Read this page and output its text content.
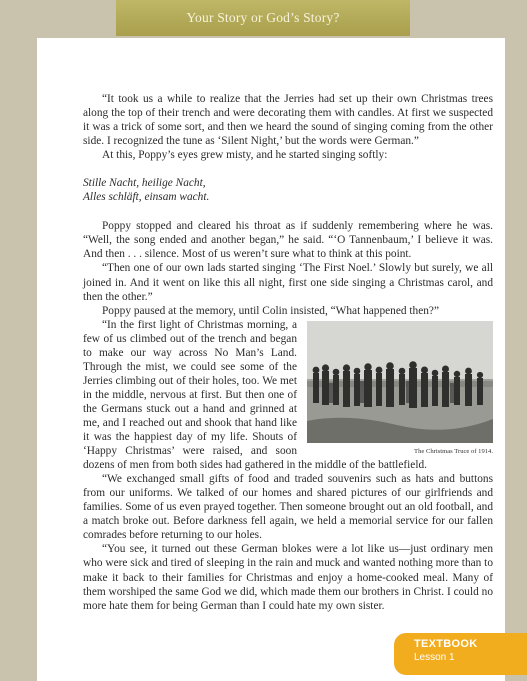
Your Story or God’s Story?

“It took us a while to realize that the Jerries had set up their own Christmas trees along the top of their trench and were decorating them with candles. At first we suspected it was a trick of some sort, and then we heard the sound of singing coming from the other side. I recognized the tune as ‘Silent Night,’ but the words were German.”

At this, Poppy’s eyes grew misty, and he started singing softly:

Stille Nacht, heilige Nacht,
Alles schläft, einsam wacht.

Poppy stopped and cleared his throat as if suddenly remembering where he was. “Well, the song ended and another began,” he said. “‘O Tannenbaum,’ I believe it was. And then . . . silence. Most of us weren’t sure what to think at this point.

“Then one of our own lads started singing ‘The First Noel.’ Slowly but surely, we all joined in. And it went on like this all night, first one side singing a Christmas carol, and then the other.”

Poppy paused at the memory, until Colin insisted, “What happened then?”

The Christmas Truce of 1914.

“In the first light of Christmas morning, a few of us climbed out of the trench and began to make our way across No Man’s Land. Through the mist, we could see some of the Jerries climbing out of their holes, too. We met in the middle, nervous at first. But then one of the Germans stuck out a hand and grinned at me, and I reached out and shook that hand like it was the happiest day of my life. Shouts of ‘Happy Christmas’ were raised, and soon dozens of men from both sides had gathered in the middle of the battlefield.

“We exchanged small gifts of food and traded souvenirs such as hats and buttons from our uniforms. We talked of our homes and shared pictures of our girlfriends and families. Some of us even prayed together. Then someone brought out an old football, and a match broke out. Before darkness fell again, we held a memorial service for our fallen comrades before returning to our holes.

“You see, it turned out these German blokes were a lot like us—just ordinary men who were sick and tired of sleeping in the rain and muck and wanted nothing more than to make it back to their families for Christmas and enjoy a home-cooked meal. Many of them worshiped the same God we did, which made them our brothers in Christ. I could no more hate them for being German than I could hate my own sister.

TEXTBOOK
Lesson 1
